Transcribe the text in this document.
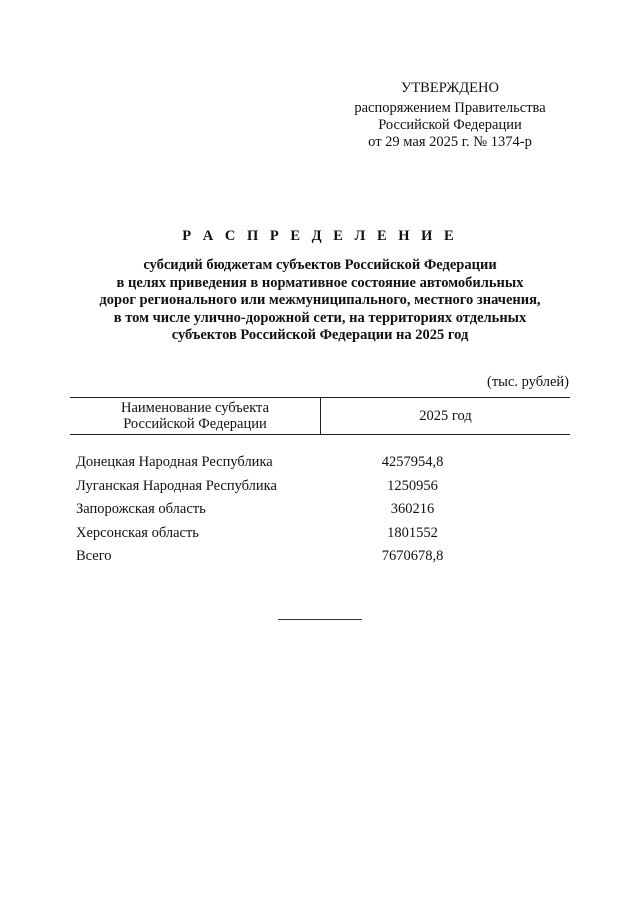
УТВЕРЖДЕНО
распоряжением Правительства
Российской Федерации
от 29 мая 2025 г. № 1374-р
Р А С П Р Е Д Е Л Е Н И Е
субсидий бюджетам субъектов Российской Федерации
в целях приведения в нормативное состояние автомобильных
дорог регионального или межмуниципального, местного значения,
в том числе улично-дорожной сети, на территориях отдельных
субъектов Российской Федерации на 2025 год
(тыс. рублей)
Наименование субъекта
Российской Федерации
2025 год
Донецкая Народная Республика	4257954,8
Луганская Народная Республика	1250956
Запорожская область	360216
Херсонская область	1801552
Всего	7670678,8
